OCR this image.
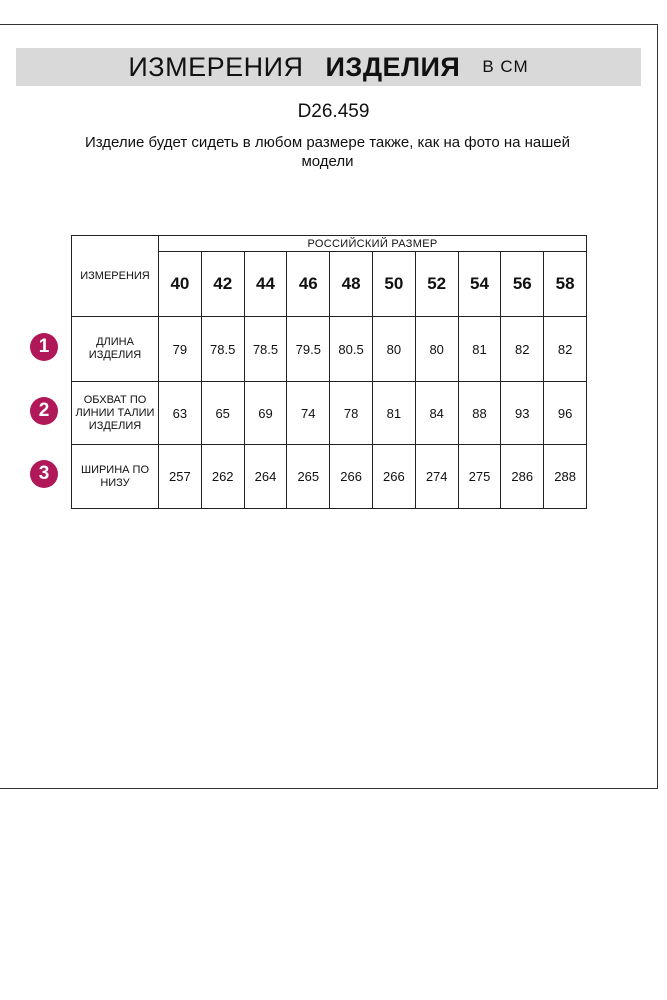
ИЗМЕРЕНИЯ ИЗДЕЛИЯ В СМ
D26.459
Изделие будет сидеть в любом размере также, как на фото на нашей модели
ИЗМЕРЕНИЯ	РОССИЙСКИЙ РАЗМЕР									
	40	42	44	46	48	50	52	54	56	58
ДЛИНА ИЗДЕЛИЯ	79	78.5	78.5	79.5	80.5	80	80	81	82	82
ОБХВАТ ПО ЛИНИИ ТАЛИИ ИЗДЕЛИЯ	63	65	69	74	78	81	84	88	93	96
ШИРИНА ПО НИЗУ	257	262	264	265	266	266	274	275	286	288
1
2
3
